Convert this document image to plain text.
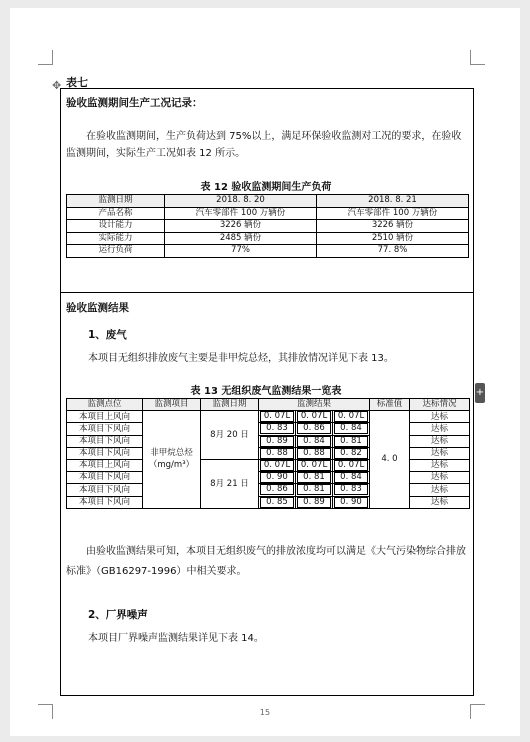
✥
+
表七
验收监测期间生产工况记录：
在验收监测期间，生产负荷达到 75%以上，满足环保验收监测对工况的要求，在验收监测期间，实际生产工况如表 12 所示。
表 12 验收监测期间生产负荷
监测日期	2018. 8. 20	2018. 8. 21
产品名称	汽车零部件 100 万辆份	汽车零部件 100 万辆份
设计能力	3226 辆份	3226 辆份
实际能力	2485 辆份	2510 辆份
运行负荷	77%	77. 8%
验收监测结果
1、废气
本项目无组织排放废气主要是非甲烷总烃，其排放情况详见下表 13。
表 13 无组织废气监测结果一览表
监测点位	监测项目	监测日期	监测结果			标准值	达标情况
本项目上风向	非甲烷总烃（mg/m³）	8月 20 日	0. 07L	0. 07L	0. 07L	4. 0	达标
本项目下风向			0. 83	0. 86	0. 84		达标
本项目下风向			0. 89	0. 84	0. 81		达标
本项目下风向			0. 88	0. 88	0. 82		达标
本项目上风向		8月 21 日	0. 07L	0. 07L	0. 07L		达标
本项目下风向			0. 90	0. 81	0. 84		达标
本项目下风向			0. 86	0. 81	0. 83		达标
本项目下风向			0. 85	0. 89	0. 90		达标
由验收监测结果可知，本项目无组织废气的排放浓度均可以满足《大气污染物综合排放标准》（GB16297-1996）中相关要求。
2、厂界噪声
本项目厂界噪声监测结果详见下表 14。
15
